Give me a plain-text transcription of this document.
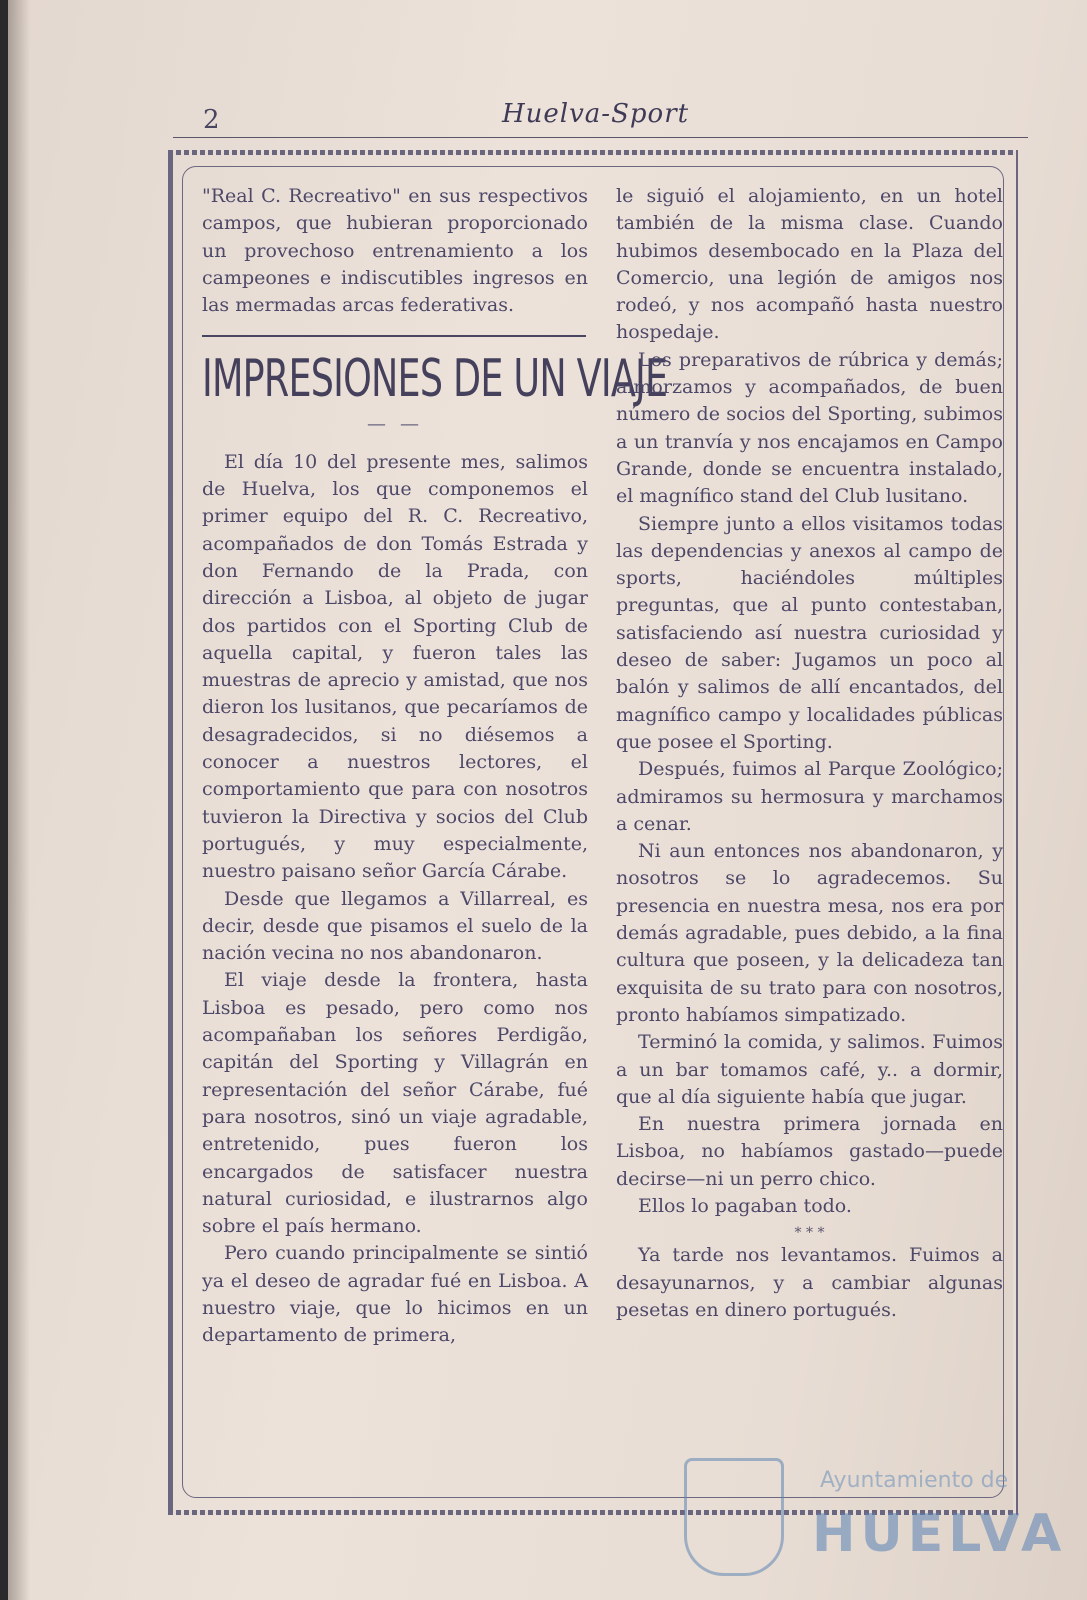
2	Huelva-Sport

"Real C. Recreativo" en sus respectivos campos, que hubieran proporcionado un provechoso entrenamiento a los campeones e indiscutibles ingresos en las mermadas arcas federativas.

IMPRESIONES DE UN VIAJE
— —

El día 10 del presente mes, salimos de Huelva, los que componemos el primer equipo del R. C. Recreativo, acompañados de don Tomás Estrada y don Fernando de la Prada, con dirección a Lisboa, al objeto de jugar dos partidos con el Sporting Club de aquella capital, y fueron tales las muestras de aprecio y amistad, que nos dieron los lusitanos, que pecaríamos de desagradecidos, si no diésemos a conocer a nuestros lectores, el comportamiento que para con nosotros tuvieron la Directiva y socios del Club portugués, y muy especialmente, nuestro paisano señor García Cárabe.

Desde que llegamos a Villarreal, es decir, desde que pisamos el suelo de la nación vecina no nos abandonaron.

El viaje desde la frontera, hasta Lisboa es pesado, pero como nos acompañaban los señores Perdigão, capitán del Sporting y Villagrán en representación del señor Cárabe, fué para nosotros, sinó un viaje agradable, entretenido, pues fueron los encargados de satisfacer nuestra natural curiosidad, e ilustrarnos algo sobre el país hermano.

Pero cuando principalmente se sintió ya el deseo de agradar fué en Lisboa. A nuestro viaje, que lo hicimos en un departamento de primera,

le siguió el alojamiento, en un hotel también de la misma clase. Cuando hubimos desembocado en la Plaza del Comercio, una legión de amigos nos rodeó, y nos acompañó hasta nuestro hospedaje.

Los preparativos de rúbrica y demás; almorzamos y acompañados, de buen número de socios del Sporting, subimos a un tranvía y nos encajamos en Campo Grande, donde se encuentra instalado, el magnífico stand del Club lusitano.

Siempre junto a ellos visitamos todas las dependencias y anexos al campo de sports, haciéndoles múltiples preguntas, que al punto contestaban, satisfaciendo así nuestra curiosidad y deseo de saber: Jugamos un poco al balón y salimos de allí encantados, del magnífico campo y localidades públicas que posee el Sporting.

Después, fuimos al Parque Zoológico; admiramos su hermosura y marchamos a cenar.

Ni aun entonces nos abandonaron, y nosotros se lo agradecemos. Su presencia en nuestra mesa, nos era por demás agradable, pues debido, a la fina cultura que poseen, y la delicadeza tan exquisita de su trato para con nosotros, pronto habíamos simpatizado.

Terminó la comida, y salimos. Fuimos a un bar tomamos café, y.. a dormir, que al día siguiente había que jugar.

En nuestra primera jornada en Lisboa, no habíamos gastado—puede decirse—ni un perro chico.

Ellos lo pagaban todo.

* * *

Ya tarde nos levantamos. Fuimos a desayunarnos, y a cambiar algunas pesetas en dinero portugués.

Ayuntamiento de
HUELVA
